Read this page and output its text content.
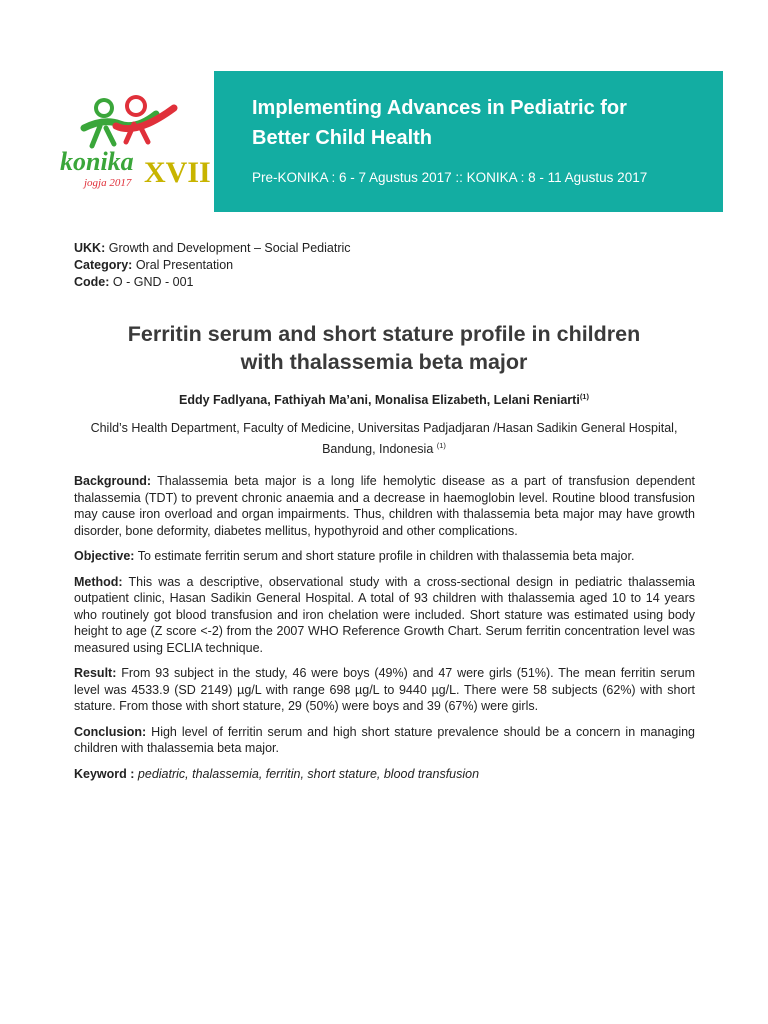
konika XVII
jogja 2017
Implementing Advances in Pediatric for Better Child Health
Pre-KONIKA : 6 - 7 Agustus 2017 :: KONIKA : 8 - 11 Agustus 2017
UKK: Growth and Development – Social Pediatric
Category: Oral Presentation
Code: O - GND - 001
Ferritin serum and short stature profile in children
with thalassemia beta major
Eddy Fadlyana, Fathiyah Ma’ani, Monalisa Elizabeth, Lelani Reniarti$^{(1)}$
Child’s Health Department, Faculty of Medicine, Universitas Padjadjaran /Hasan Sadikin General Hospital,
Bandung, Indonesia $^{(1)}$

Background: Thalassemia beta major is a long life hemolytic disease as a part of transfusion dependent thalassemia (TDT) to prevent chronic anaemia and a decrease in haemoglobin level. Routine blood transfusion may cause iron overload and organ impairments. Thus, children with thalassemia beta major may have growth disorder, bone deformity, diabetes mellitus, hypothyroid and other complications.

Objective: To estimate ferritin serum and short stature profile in children with thalassemia beta major.

Method: This was a descriptive, observational study with a cross-sectional design in pediatric thalassemia outpatient clinic, Hasan Sadikin General Hospital. A total of 93 children with thalassemia aged 10 to 14 years who routinely got blood transfusion and iron chelation were included. Short stature was estimated using body height to age (Z score <-2) from the 2007 WHO Reference Growth Chart. Serum ferritin concentration level was measured using ECLIA technique.

Result: From 93 subject in the study, 46 were boys (49%) and 47 were girls (51%). The mean ferritin serum level was 4533.9 (SD 2149) µg/L with range 698 µg/L to 9440 µg/L. There were 58 subjects (62%) with short stature. From those with short stature, 29 (50%) were boys and 39 (67%) were girls.

Conclusion: High level of ferritin serum and high short stature prevalence should be a concern in managing children with thalassemia beta major.

Keyword : pediatric, thalassemia, ferritin, short stature, blood transfusion
